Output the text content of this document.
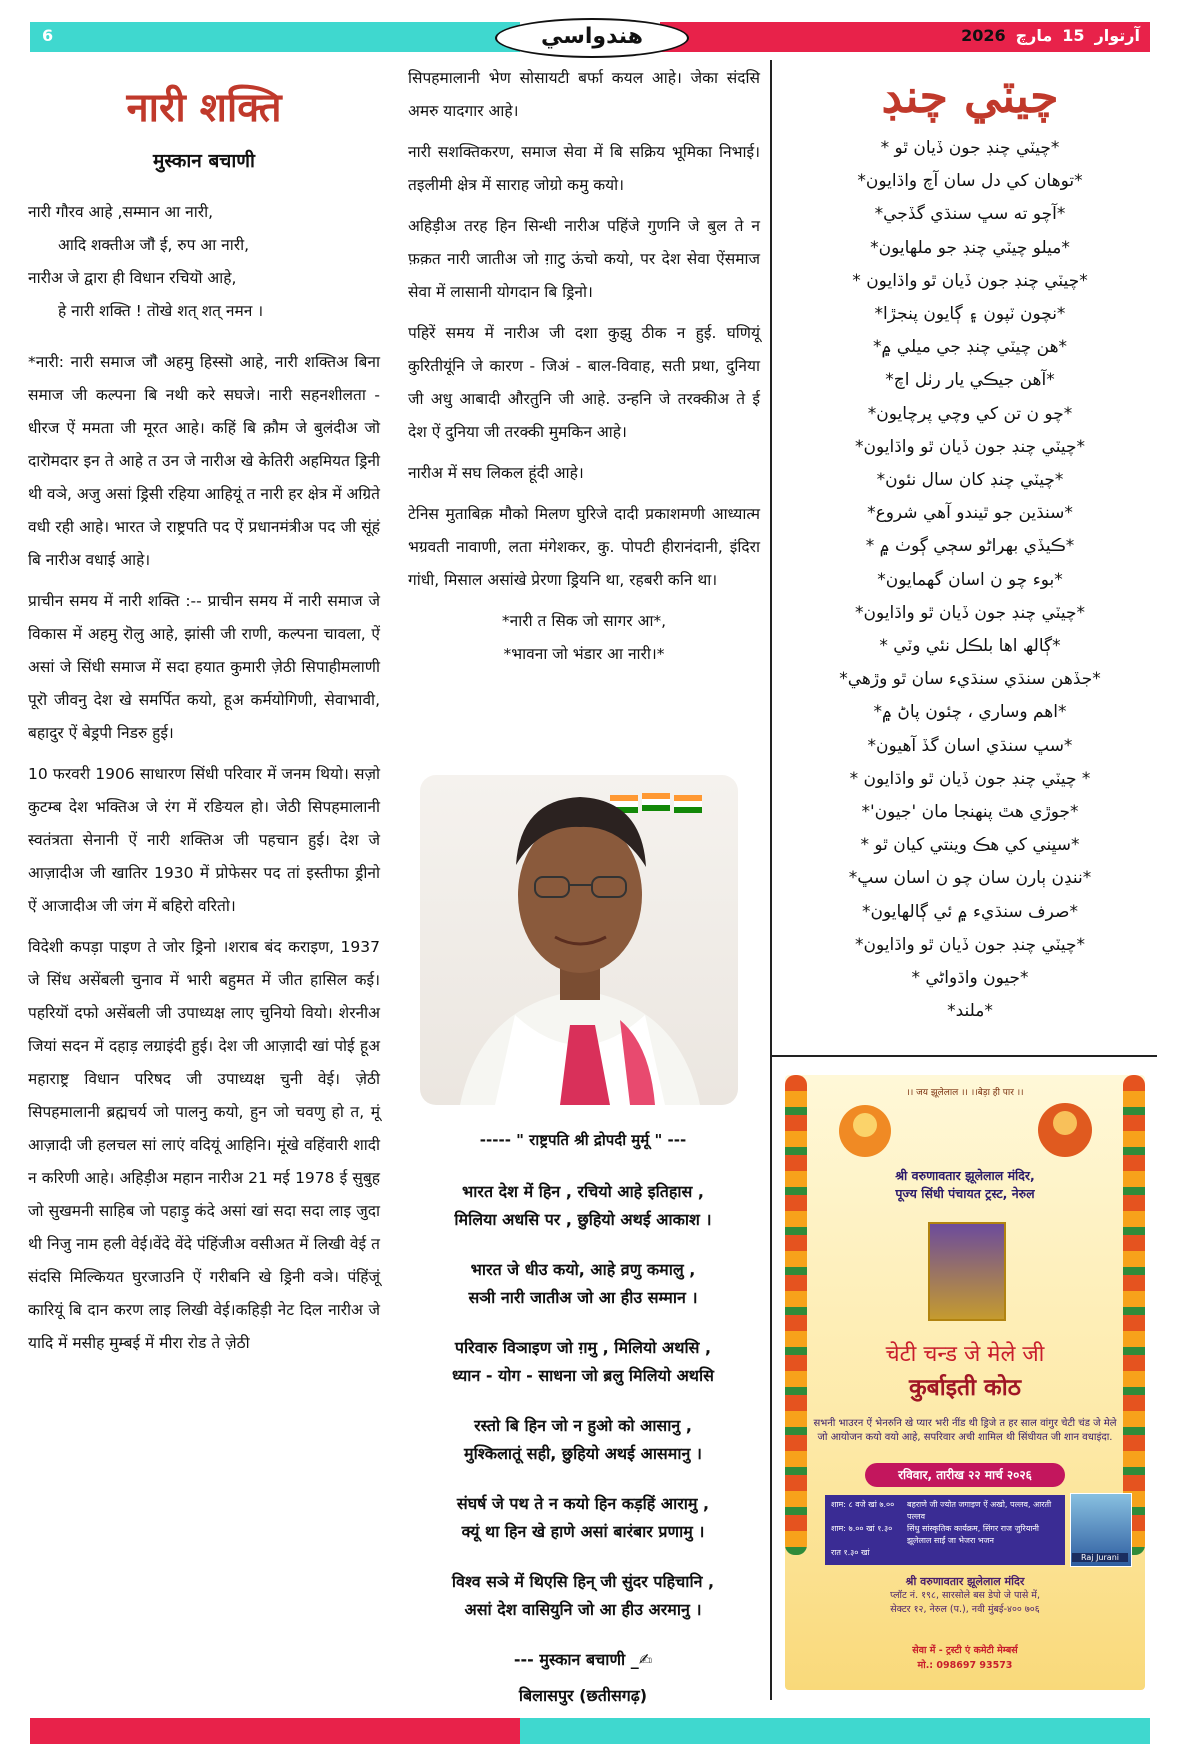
6	هندواسي	2026 مارچ 15 آرتوار
नारी शक्ति
मुस्कान बचाणी
नारी गौरव आहे ,सम्मान आ नारी,
आदि शक्तीअ जॏ ई, रुप आ नारी,
नारीअ जे द्वारा ही विधान रचियॊ आहे,
हे नारी शक्ति ! तॊखे शत् शत् नमन ।

*नारी: नारी समाज जॏ अहमु हिस्सॊ आहे, नारी शक्तिअ बिना समाज जी कल्पना बि नथी करे सघजे। नारी सहनशीलता - धीरज ऐं ममता जी मूरत आहे। कहिं बि क़ौम जे बुलंदीअ जॊ दारॊमदार इन ते आहे त उन जे नारीअ खे केतिरी अहमियत ड्रिनी थी वञे, अजु असां ड्रिसी रहिया आहियूं त नारी हर क्षेत्र में अग्रिते वधी रही आहे। भारत जे राष्ट्रपति पद ऐं प्रधानमंत्रीअ पद जी सूंहं बि नारीअ वधाई आहे।

प्राचीन समय में नारी शक्ति :-- प्राचीन समय में नारी समाज जे विकास में अहमु रॊलु आहे, झांसी जी राणी, कल्पना चावला, ऐं असां जे सिंधी समाज में सदा हयात कुमारी ज़ेठी सिपाहीमलाणी पूरॊ जीवनु देश खे समर्पित कयो, हूअ कर्मयोगिणी, सेवाभावी, बहादुर ऐं बेड्रपी निडरु हुई।

10 फरवरी 1906 साधारण सिंधी परिवार में जनम थियो। सज़ो कुटम्ब देश भक्तिअ जे रंग में रङियल हो। जेठी सिपहमालानी स्वतंत्रता सेनानी ऐं नारी शक्तिअ जी पहचान हुई। देश जे आज़ादीअ जी खातिर 1930 में प्रोफेसर पद तां इस्तीफा ड्रीनो ऐं आजादीअ जी जंग में बहिरो वरितो।

विदेशी कपड़ा पाइण ते जोर ड्रिनो ।शराब बंद कराइण, 1937 जे सिंध असेंबली चुनाव में भारी बहुमत में जीत हासिल कई। पहरियॊं दफो असेंबली जी उपाध्यक्ष लाए चुनियो वियो। शेरनीअ जियां सदन में दहाड़ लग्राइंदी हुई। देश जी आज़ादी खां पोई हूअ महाराष्ट्र विधान परिषद जी उपाध्यक्ष चुनी वेई। ज़ेठी सिपहमालानी ब्रह्मचर्य जो पालनु कयो, हुन जो चवणु हो त, मूं आज़ादी जी हलचल सां लाएं वदियूं आहिनि। मूंखे वहिंवारी शादी न करिणी आहे। अहिड़ीअ महान नारीअ 21 मई 1978 ई सुबुह जो सुखमनी साहिब जो पहाड़ु कंदे असां खां सदा सदा लाइ जुदा थी निजु नाम हली वेई।वेंदे वेंदे पंहिंजीअ वसीअत में लिखी वेई त संदसि मिल्कियत घुरजाउनि ऐं गरीबनि खे ड्रिनी वञे। पंहिंजूं कारियूं बि दान करण लाइ लिखी वेई।कहिड़ी नेट दिल नारीअ जे यादि में मसीह मुम्बई में मीरा रोड ते ज़ेठी

सिपहमालानी भेण सोसायटी बर्फा कयल आहे। जेका संदसि अमरु यादगार आहे।

नारी सशक्तिकरण, समाज सेवा में बि सक्रिय भूमिका निभाई। तइलीमी क्षेत्र में साराह जोग्रो कमु कयो।

अहिड़ीअ तरह हिन सिन्धी नारीअ पहिंजे गुणनि जे बुल ते न फ़क़त नारी जातीअ जो ग़ाटु ऊंचो कयो, पर देश सेवा ऐंसमाज सेवा में लासानी योगदान बि ड्रिनो।

पहिरें समय में नारीअ जी दशा कुझु ठीक न हुई. घणियूं कुरितीयूंनि जे कारण - जिअं - बाल-विवाह, सती प्रथा, दुनिया जी अधु आबादी औरतुनि जी आहे. उन्हनि जे तरक्कीअ ते ई देश ऐं दुनिया जी तरक्की मुमकिन आहे।

नारीअ में सघ लिकल हूंदी आहे।

टेनिस मुताबिक़ मौको मिलण घुरिजे दादी प्रकाशमणी आध्यात्म भग्रवती नावाणी, लता मंगेशकर, कु. पोपटी हीरानंदानी, इंदिरा गांधी, मिसाल असांखे प्रेरणा ड्रियनि था, रहबरी कनि था।

*नारी त सिक जो सागर आ*,
*भावना जो भंडार आ नारी।*
----- " राष्ट्रपति श्री द्रोपदी मुर्मू " ---
भारत देश में हिन , रचियो आहे इतिहास ,
मिलिया अधसि पर , छुहियो अथई आकाश ।
भारत जे धीउ कयो, आहे व्रणु कमालु ,
सञी नारी जातीअ जो आ हीउ सम्मान ।
परिवारु विञाइण जो ग़मु , मिलियो अथसि ,
ध्यान - योग - साधना जो ब्रलु मिलियो अथसि
रस्तो बि हिन जो न हुओ को आसानु ,
मुश्किलातूं सही, छुहियो अथई आसमानु ।
संघर्ष जे पथ ते न कयो हिन कड़हिं आरामु ,
क्यूं था हिन खे हाणे असां बारंबार प्रणामु ।
विश्व सञे में थिएसि हिन् जी सुंदर पहिचानि ,
असां देश वासियुनि जो आ हीउ अरमानु ।
--- मुस्कान बचाणी _✍
बिलासपुर (छतीसगढ़)
چيٽي چنڊ
*چيٽي چنڊ جون ڏيان ٿو *
*توهان کي دل سان آچ واڌايون*
*آچو ته سڀ سنڌي گڏجي*
*ميلو چيٽي چنڊ جو ملهايون*
*چيٽي چنڊ جون ڏيان ٿو واڌايون *
*نچون ٽپون ۽ ڳايون پنجڙا*
*هن چيٽي چنڊ جي ميلي ۾*
*آهن جيڪي يار رٺل اچ*
*چو ن تن کي وچي پرچايون*
*چيٽي چنڊ جون ڏيان ٿو واڌايون*
*چيٽي چنڊ کان سال نئون*
*سنڌين جو ٿيندو آهي شروع*
*ڪيڏي بهراڻو سڄي ڳوٺ ۾ *
*بوء چو ن اسان گھمايون*
*چيٽي چنڊ جون ڏيان ٿو واڌايون*
*ڳالھ اها بلڪل نئي وٽي *
*جڏهن سنڌي سنڌيء سان ٿو وڙهي*
*اهم وساري ، چئون پاڻ ۾*
*سڀ سنڌي اسان گڏ آهيون*
* چيٽي چنڊ جون ڏيان ٿو واڌايون *
*جوڙي هٿ پنهنجا مان 'جيون'*
*سڀني کي هڪ وينتي کيان ٿو *
*ننڍن ٻارن سان چو ن اسان سڀ*
*صرف سنڌيء ۾ ئي ڳالهايون*
*چيٽي چنڊ جون ڏيان ٿو واڌايون*
*جيون واڌواڻي *
*ملند*
।। जय झूलेलाल ।। ।।बेड़ा ही पार ।।
श्री वरुणावतार झूलेलाल मंदिर,
पूज्य सिंधी पंचायत ट्रस्ट, नेरुल
चेटी चन्ड जे मेले जी
कुर्बाइती कोठ
सभनी भाउरन ऐं भेनरुनि खे प्यार भरी नींड थी ड्रिजे त हर साल वांगुर चेटी चंड जे मेले जो आयोजन कयो वयो आहे, सपरिवार अची शामिल थी सिंधीयत जी शान वधाइंदा.
रविवार, तारीख २२ मार्च २०२६
शाम: ८ वजे खां ७.००	बहराणे जी ज्योत जगाइण ऐं अखो, पल्लव, आरती पल्लव
शाम: ७.०० खां १.३०	सिंधु सांस्कृतिक कार्यक्रम, सिंगर राज जुरियानी झूलेलाल साईं जा भेजरा भजन
रात १.३० खां
Raj Jurani
श्री वरुणावतार झूलेलाल मंदिर
प्लॉट नं. १९८, सारसोले बस डेपो जे पासे में,
सेक्टर १२, नेरुल (प.), नवी मुंबई-४०० ७०६
सेवा में - ट्रस्टी एं कमेटी मेम्बर्स
मो.: 098697 93573
